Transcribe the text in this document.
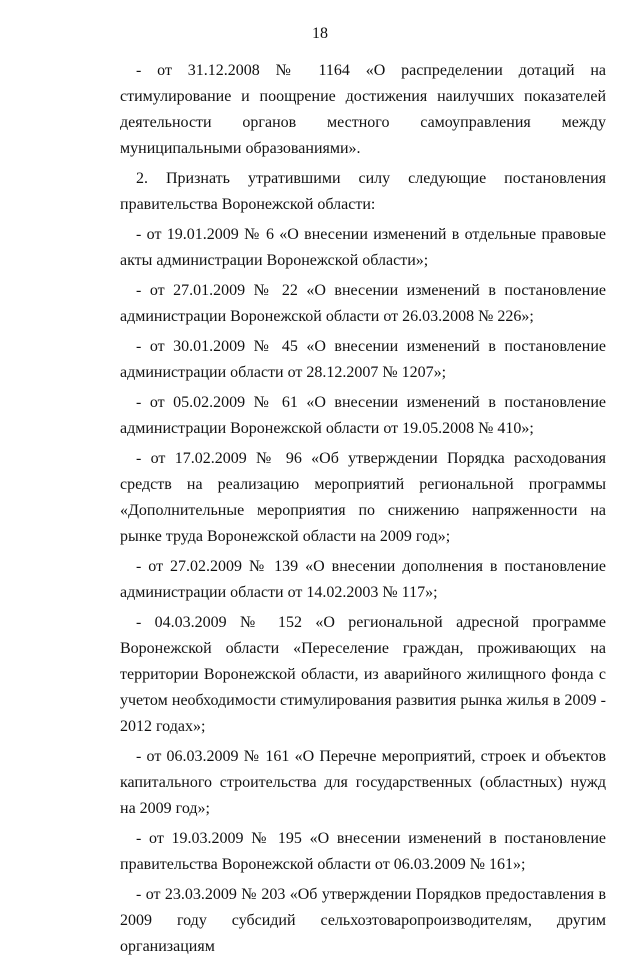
18

- от 31.12.2008 № 1164 «О распределении дотаций на стимулирование и поощрение достижения наилучших показателей деятельности органов местного самоуправления между муниципальными образованиями».

2. Признать утратившими силу следующие постановления правительства Воронежской области:

- от 19.01.2009 № 6 «О внесении изменений в отдельные правовые акты администрации Воронежской области»;

- от 27.01.2009 № 22 «О внесении изменений в постановление администрации Воронежской области от 26.03.2008 № 226»;

- от 30.01.2009 № 45 «О внесении изменений в постановление администрации области от 28.12.2007 № 1207»;

- от 05.02.2009 № 61 «О внесении изменений в постановление администрации Воронежской области от 19.05.2008 № 410»;

- от 17.02.2009 № 96 «Об утверждении Порядка расходования средств на реализацию мероприятий региональной программы «Дополнительные мероприятия по снижению напряженности на рынке труда Воронежской области на 2009 год»;

- от 27.02.2009 № 139 «О внесении дополнения в постановление администрации области от 14.02.2003 № 117»;

- 04.03.2009 № 152 «О региональной адресной программе Воронежской области «Переселение граждан, проживающих на территории Воронежской области, из аварийного жилищного фонда с учетом необходимости стимулирования развития рынка жилья в 2009 - 2012 годах»;

- от 06.03.2009 № 161 «О Перечне мероприятий, строек и объектов капитального строительства для государственных (областных) нужд на 2009 год»;

- от 19.03.2009 № 195 «О внесении изменений в постановление правительства Воронежской области от 06.03.2009 № 161»;

- от 23.03.2009 № 203 «Об утверждении Порядков предоставления в 2009 году субсидий сельхозтоваропроизводителям, другим организациям
